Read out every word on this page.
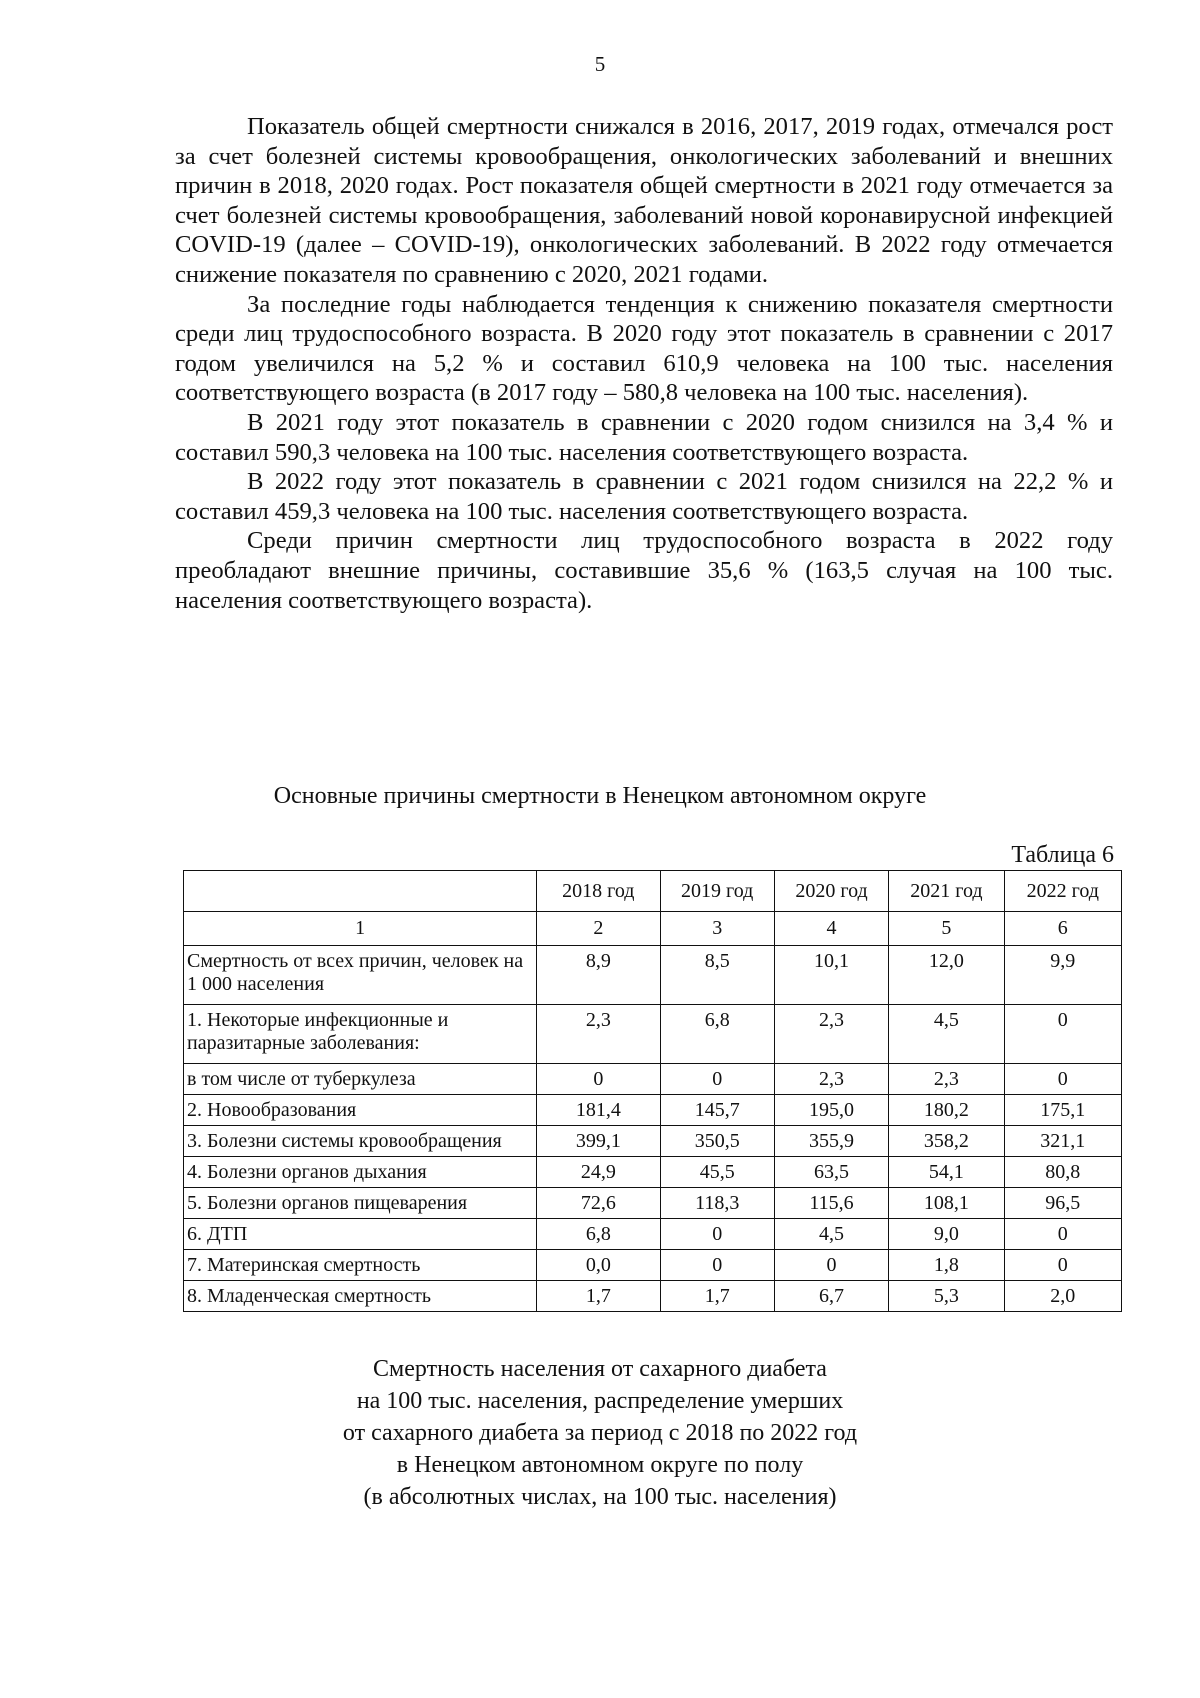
5

Показатель общей смертности снижался в 2016, 2017, 2019 годах, отмечался рост за счет болезней системы кровообращения, онкологических заболеваний и внешних причин в 2018, 2020 годах. Рост показателя общей смертности в 2021 году отмечается за счет болезней системы кровообращения, заболеваний новой коронавирусной инфекцией COVID-19 (далее – COVID-19), онкологических заболеваний. В 2022 году отмечается снижение показателя по сравнению с 2020, 2021 годами.

За последние годы наблюдается тенденция к снижению показателя смертности среди лиц трудоспособного возраста. В 2020 году этот показатель в сравнении с 2017 годом увеличился на 5,2 % и составил 610,9 человека на 100 тыс. населения соответствующего возраста (в 2017 году – 580,8 человека на 100 тыс. населения).

В 2021 году этот показатель в сравнении с 2020 годом снизился на 3,4 % и составил 590,3 человека на 100 тыс. населения соответствующего возраста.

В 2022 году этот показатель в сравнении с 2021 годом снизился на 22,2 % и составил 459,3 человека на 100 тыс. населения соответствующего возраста.

Среди причин смертности лиц трудоспособного возраста в 2022 году преобладают внешние причины, составившие 35,6 % (163,5 случая на 100 тыс. населения соответствующего возраста).

Основные причины смертности в Ненецком автономном округе
Таблица 6
	2018 год	2019 год	2020 год	2021 год	2022 год
1	2	3	4	5	6
Смертность от всех причин, человек на 1 000 населения	8,9	8,5	10,1	12,0	9,9
1. Некоторые инфекционные и паразитарные заболевания:	2,3	6,8	2,3	4,5	0
в том числе от туберкулеза	0	0	2,3	2,3	0
2. Новообразования	181,4	145,7	195,0	180,2	175,1
3. Болезни системы кровообращения	399,1	350,5	355,9	358,2	321,1
4. Болезни органов дыхания	24,9	45,5	63,5	54,1	80,8
5. Болезни органов пищеварения	72,6	118,3	115,6	108,1	96,5
6. ДТП	6,8	0	4,5	9,0	0
7. Материнская смертность	0,0	0	0	1,8	0
8. Младенческая смертность	1,7	1,7	6,7	5,3	2,0
Смертность населения от сахарного диабета
на 100 тыс. населения, распределение умерших
от сахарного диабета за период с 2018 по 2022 год
в Ненецком автономном округе по полу
(в абсолютных числах, на 100 тыс. населения)
